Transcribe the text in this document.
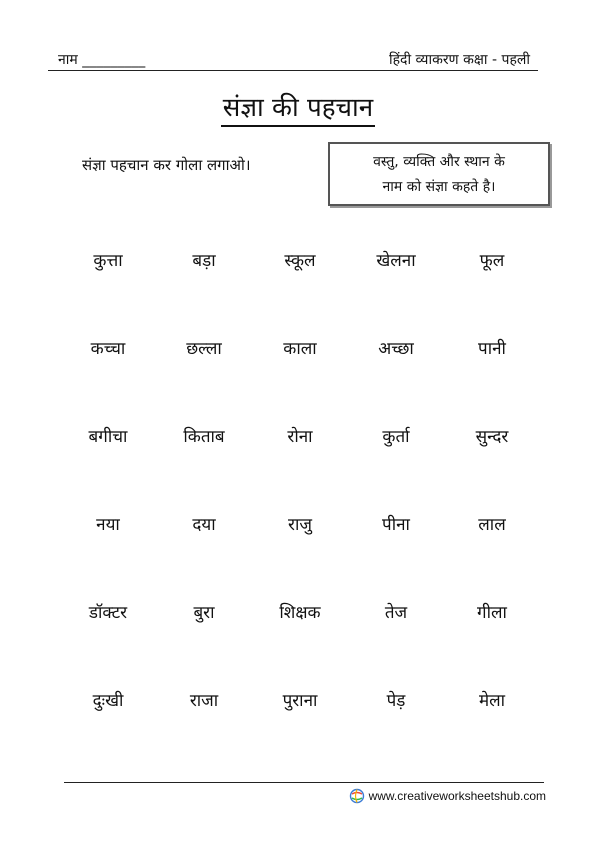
नाम _________	हिंदी व्याकरण कक्षा - पहली
संज्ञा की पहचान
संज्ञा पहचान कर गोला लगाओ।	वस्तु, व्यक्ति और स्थान के
नाम को संज्ञा कहते है।
कुत्ता	बड़ा	स्कूल	खेलना	फूल
कच्चा	छल्ला	काला	अच्छा	पानी
बगीचा	किताब	रोना	कुर्ता	सुन्दर
नया	दया	राजु	पीना	लाल
डॉक्टर	बुरा	शिक्षक	तेज	गीला
दुःखी	राजा	पुराना	पेड़	मेला
www.creativeworksheetshub.com
